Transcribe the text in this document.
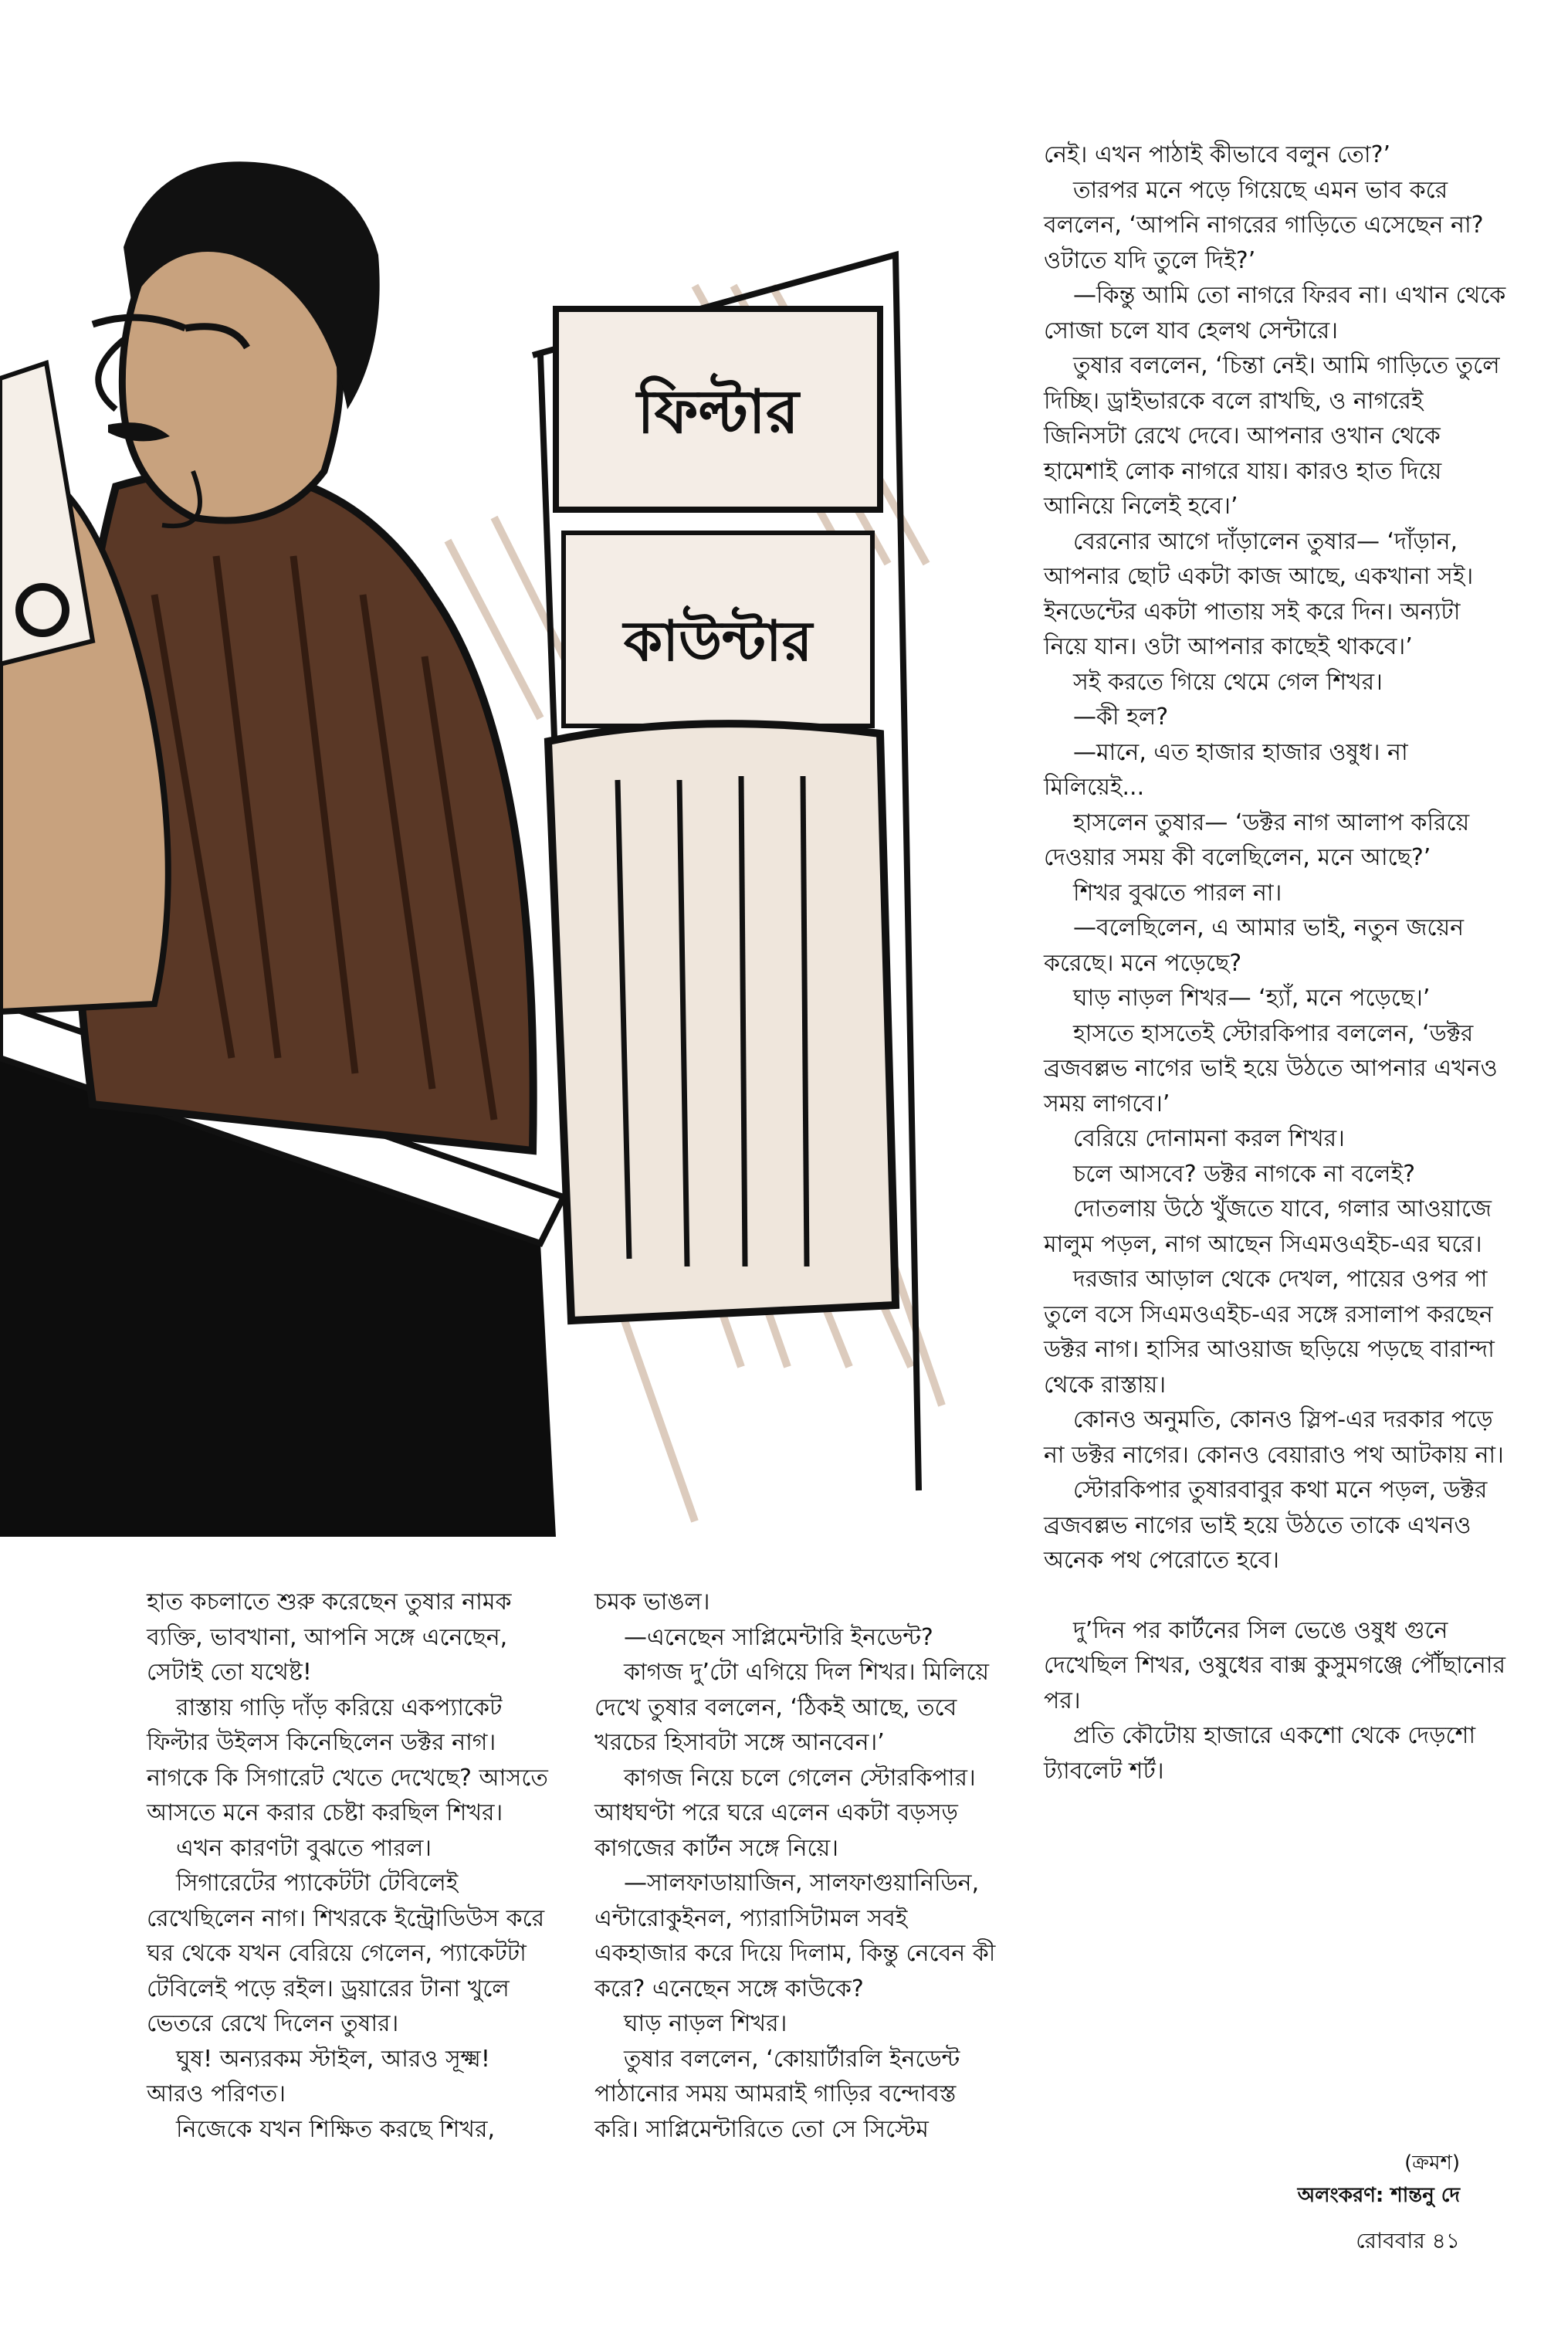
ফিল্টার
কাউন্টার

নেই। এখন পাঠাই কীভাবে বলুন তো?’

তারপর মনে পড়ে গিয়েছে এমন ভাব করে বললেন, ‘আপনি নাগরের গাড়িতে এসেছেন না? ওটাতে যদি তুলে দিই?’

—কিন্তু আমি তো নাগরে ফিরব না। এখান থেকে সোজা চলে যাব হেলথ সেন্টারে।

তুষার বললেন, ‘চিন্তা নেই। আমি গাড়িতে তুলে দিচ্ছি। ড্রাইভারকে বলে রাখছি, ও নাগরেই জিনিসটা রেখে দেবে। আপনার ওখান থেকে হামেশাই লোক নাগরে যায়। কারও হাত দিয়ে আনিয়ে নিলেই হবে।’

বেরনোর আগে দাঁড়ালেন তুষার— ‘দাঁড়ান, আপনার ছোট একটা কাজ আছে, একখানা সই। ইনডেন্টের একটা পাতায় সই করে দিন। অন্যটা নিয়ে যান। ওটা আপনার কাছেই থাকবে।’

সই করতে গিয়ে থেমে গেল শিখর।

—কী হল?

—মানে, এত হাজার হাজার ওষুধ। না মিলিয়েই...

হাসলেন তুষার— ‘ডক্টর নাগ আলাপ করিয়ে দেওয়ার সময় কী বলেছিলেন, মনে আছে?’

শিখর বুঝতে পারল না।

—বলেছিলেন, এ আমার ভাই, নতুন জয়েন করেছে। মনে পড়েছে?

ঘাড় নাড়ল শিখর— ‘হ্যাঁ, মনে পড়েছে।’

হাসতে হাসতেই স্টোরকিপার বললেন, ‘ডক্টর ব্রজবল্লভ নাগের ভাই হয়ে উঠতে আপনার এখনও সময় লাগবে।’

বেরিয়ে দোনামনা করল শিখর।

চলে আসবে? ডক্টর নাগকে না বলেই?

দোতলায় উঠে খুঁজতে যাবে, গলার আওয়াজে মালুম পড়ল, নাগ আছেন সিএমওএইচ-এর ঘরে।

দরজার আড়াল থেকে দেখল, পায়ের ওপর পা তুলে বসে সিএমওএইচ-এর সঙ্গে রসালাপ করছেন ডক্টর নাগ। হাসির আওয়াজ ছড়িয়ে পড়ছে বারান্দা থেকে রাস্তায়।

কোনও অনুমতি, কোনও স্লিপ-এর দরকার পড়ে না ডক্টর নাগের। কোনও বেয়ারাও পথ আটকায় না।

স্টোরকিপার তুষারবাবুর কথা মনে পড়ল, ডক্টর ব্রজবল্লভ নাগের ভাই হয়ে উঠতে তাকে এখনও অনেক পথ পেরোতে হবে।

দু’দিন পর কার্টনের সিল ভেঙে ওষুধ গুনে দেখেছিল শিখর, ওষুধের বাক্স কুসুমগঞ্জে পৌঁছানোর পর।

প্রতি কৌটোয় হাজারে একশো থেকে দেড়শো ট্যাবলেট শর্ট।

হাত কচলাতে শুরু করেছেন তুষার নামক ব্যক্তি, ভাবখানা, আপনি সঙ্গে এনেছেন, সেটাই তো যথেষ্ট!

রাস্তায় গাড়ি দাঁড় করিয়ে একপ্যাকেট ফিল্টার উইলস কিনেছিলেন ডক্টর নাগ। নাগকে কি সিগারেট খেতে দেখেছে? আসতে আসতে মনে করার চেষ্টা করছিল শিখর।

এখন কারণটা বুঝতে পারল।

সিগারেটের প্যাকেটটা টেবিলেই রেখেছিলেন নাগ। শিখরকে ইন্ট্রোডিউস করে ঘর থেকে যখন বেরিয়ে গেলেন, প্যাকেটটা টেবিলেই পড়ে রইল। ড্রয়ারের টানা খুলে ভেতরে রেখে দিলেন তুষার।

ঘুষ! অন্যরকম স্টাইল, আরও সূক্ষ্ম! আরও পরিণত।

নিজেকে যখন শিক্ষিত করছে শিখর,

চমক ভাঙল।

—এনেছেন সাপ্লিমেন্টারি ইনডেন্ট?

কাগজ দু’টো এগিয়ে দিল শিখর। মিলিয়ে দেখে তুষার বললেন, ‘ঠিকই আছে, তবে খরচের হিসাবটা সঙ্গে আনবেন।’

কাগজ নিয়ে চলে গেলেন স্টোরকিপার। আধঘণ্টা পরে ঘরে এলেন একটা বড়সড় কাগজের কার্টন সঙ্গে নিয়ে।

—সালফাডায়াজিন, সালফাগুয়ানিডিন, এন্টারোকুইনল, প্যারাসিটামল সবই একহাজার করে দিয়ে দিলাম, কিন্তু নেবেন কী করে? এনেছেন সঙ্গে কাউকে?

ঘাড় নাড়ল শিখর।

তুষার বললেন, ‘কোয়ার্টারলি ইনডেন্ট পাঠানোর সময় আমরাই গাড়ির বন্দোবস্ত করি। সাপ্লিমেন্টারিতে তো সে সিস্টেম

(ক্রমশ)
অলংকরণ: শান্তনু দে
রোববার ৪১
